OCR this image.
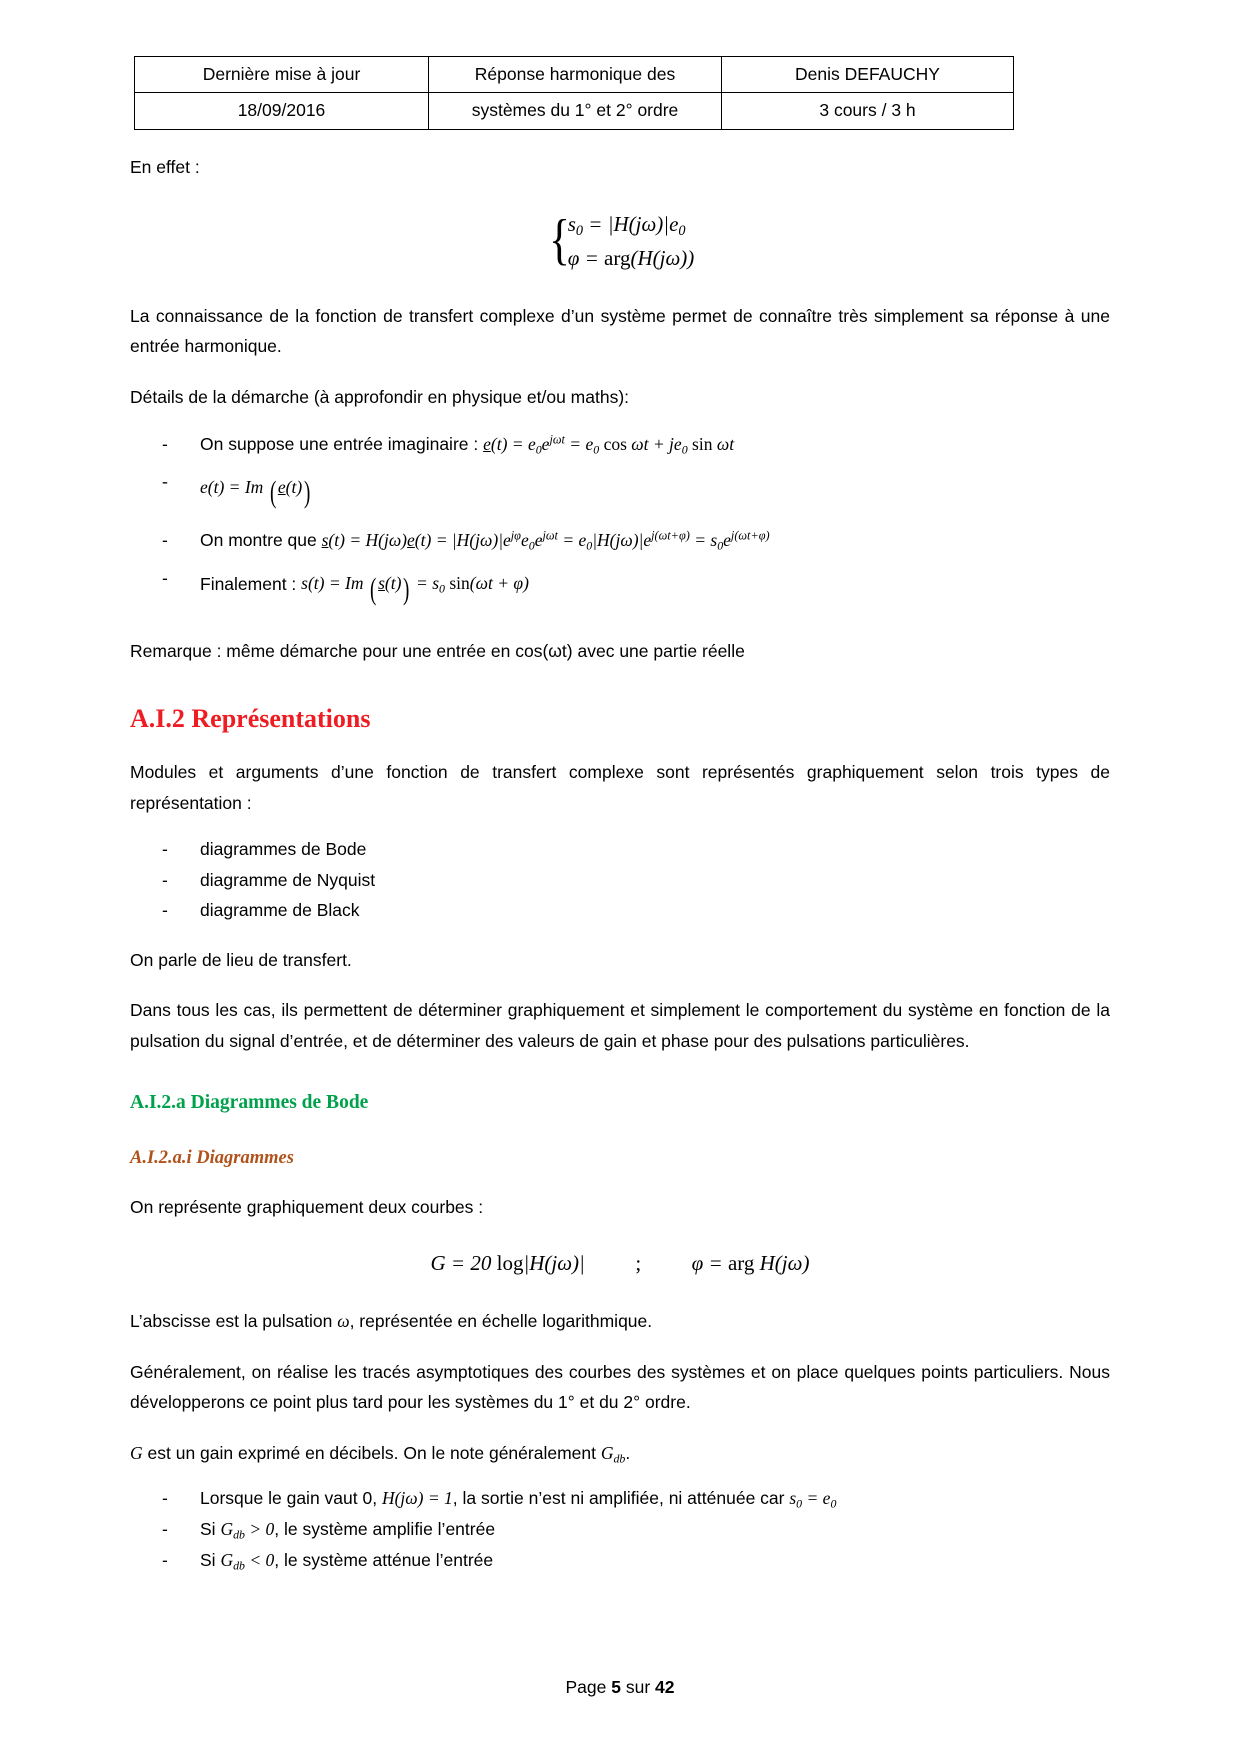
Dernière mise à jour	Réponse harmonique des	Denis DEFAUCHY
18/09/2016	systèmes du 1° et 2° ordre	3 cours / 3 h

En effet :

{
$s_0 = |H(j\omega)|e_0$
φ = arg(H(jω))

La connaissance de la fonction de transfert complexe d’un système permet de connaître très simplement sa réponse à une entrée harmonique.

Détails de la démarche (à approfondir en physique et/ou maths):

- On suppose une entrée imaginaire : $e(t) = e_0e^{j\omega t} = e_0$ $\cos \omega t + je_0$ sin ωt
- e(t) = Im ( e(t))
- On montre que $s(t) = H(j\omega)e(t) = |H(j\omega)|e^{j\varphi}e_0e^{j\omega t} = e_0|H(j\omega)|e^{j(\omega t+\varphi)} = s_0e^{j(\omega t+\varphi)}$
- Finalement : s(t) = Im ( $s(t)) = s_0$ sin(ωt + φ)

Remarque : même démarche pour une entrée en cos(ωt) avec une partie réelle

A.I.2 Représentations

Modules et arguments d’une fonction de transfert complexe sont représentés graphiquement selon trois types de représentation :

- diagrammes de Bode
- diagramme de Nyquist
- diagramme de Black

On parle de lieu de transfert.

Dans tous les cas, ils permettent de déterminer graphiquement et simplement le comportement du système en fonction de la pulsation du signal d’entrée, et de déterminer des valeurs de gain et phase pour des pulsations particulières.

A.I.2.a Diagrammes de Bode
A.I.2.a.i Diagrammes

On représente graphiquement deux courbes :

G = 20 log|H(jω)| ; φ = arg H(jω)

L’abscisse est la pulsation ω, représentée en échelle logarithmique.

Généralement, on réalise les tracés asymptotiques des courbes des systèmes et on place quelques points particuliers. Nous développerons ce point plus tard pour les systèmes du 1° et du 2° ordre.

G est un gain exprimé en décibels. On le note généralement $G_{db}$.

- Lorsque le gain vaut 0, H(jω) = 1, la sortie n’est ni amplifiée, ni atténuée car $s_0 = e_0$
- Si $G_{db} > 0$, le système amplifie l’entrée
- Si $G_{db} < 0$, le système atténue l’entrée
Page 5 sur 42
